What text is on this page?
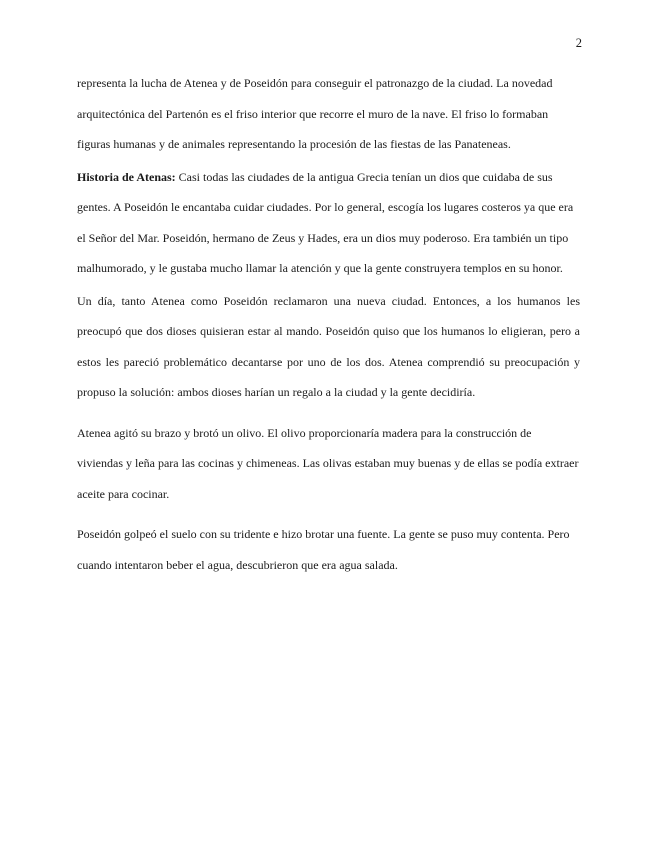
2

representa la lucha de Atenea y de Poseidón para conseguir el patronazgo de la ciudad. La novedad arquitectónica del Partenón es el friso interior que recorre el muro de la nave. El friso lo formaban figuras humanas y de animales representando la procesión de las fiestas de las Panateneas.

Historia de Atenas: Casi todas las ciudades de la antigua Grecia tenían un dios que cuidaba de sus gentes. A Poseidón le encantaba cuidar ciudades. Por lo general, escogía los lugares costeros ya que era el Señor del Mar. Poseidón, hermano de Zeus y Hades, era un dios muy poderoso. Era también un tipo malhumorado, y le gustaba mucho llamar la atención y que la gente construyera templos en su honor.

Un día, tanto Atenea como Poseidón reclamaron una nueva ciudad. Entonces, a los humanos les preocupó que dos dioses quisieran estar al mando. Poseidón quiso que los humanos lo eligieran, pero a estos les pareció problemático decantarse por uno de los dos. Atenea comprendió su preocupación y propuso la solución: ambos dioses harían un regalo a la ciudad y la gente decidiría.

Atenea agitó su brazo y brotó un olivo. El olivo proporcionaría madera para la construcción de viviendas y leña para las cocinas y chimeneas. Las olivas estaban muy buenas y de ellas se podía extraer aceite para cocinar.

Poseidón golpeó el suelo con su tridente e hizo brotar una fuente. La gente se puso muy contenta. Pero cuando intentaron beber el agua, descubrieron que era agua salada.
